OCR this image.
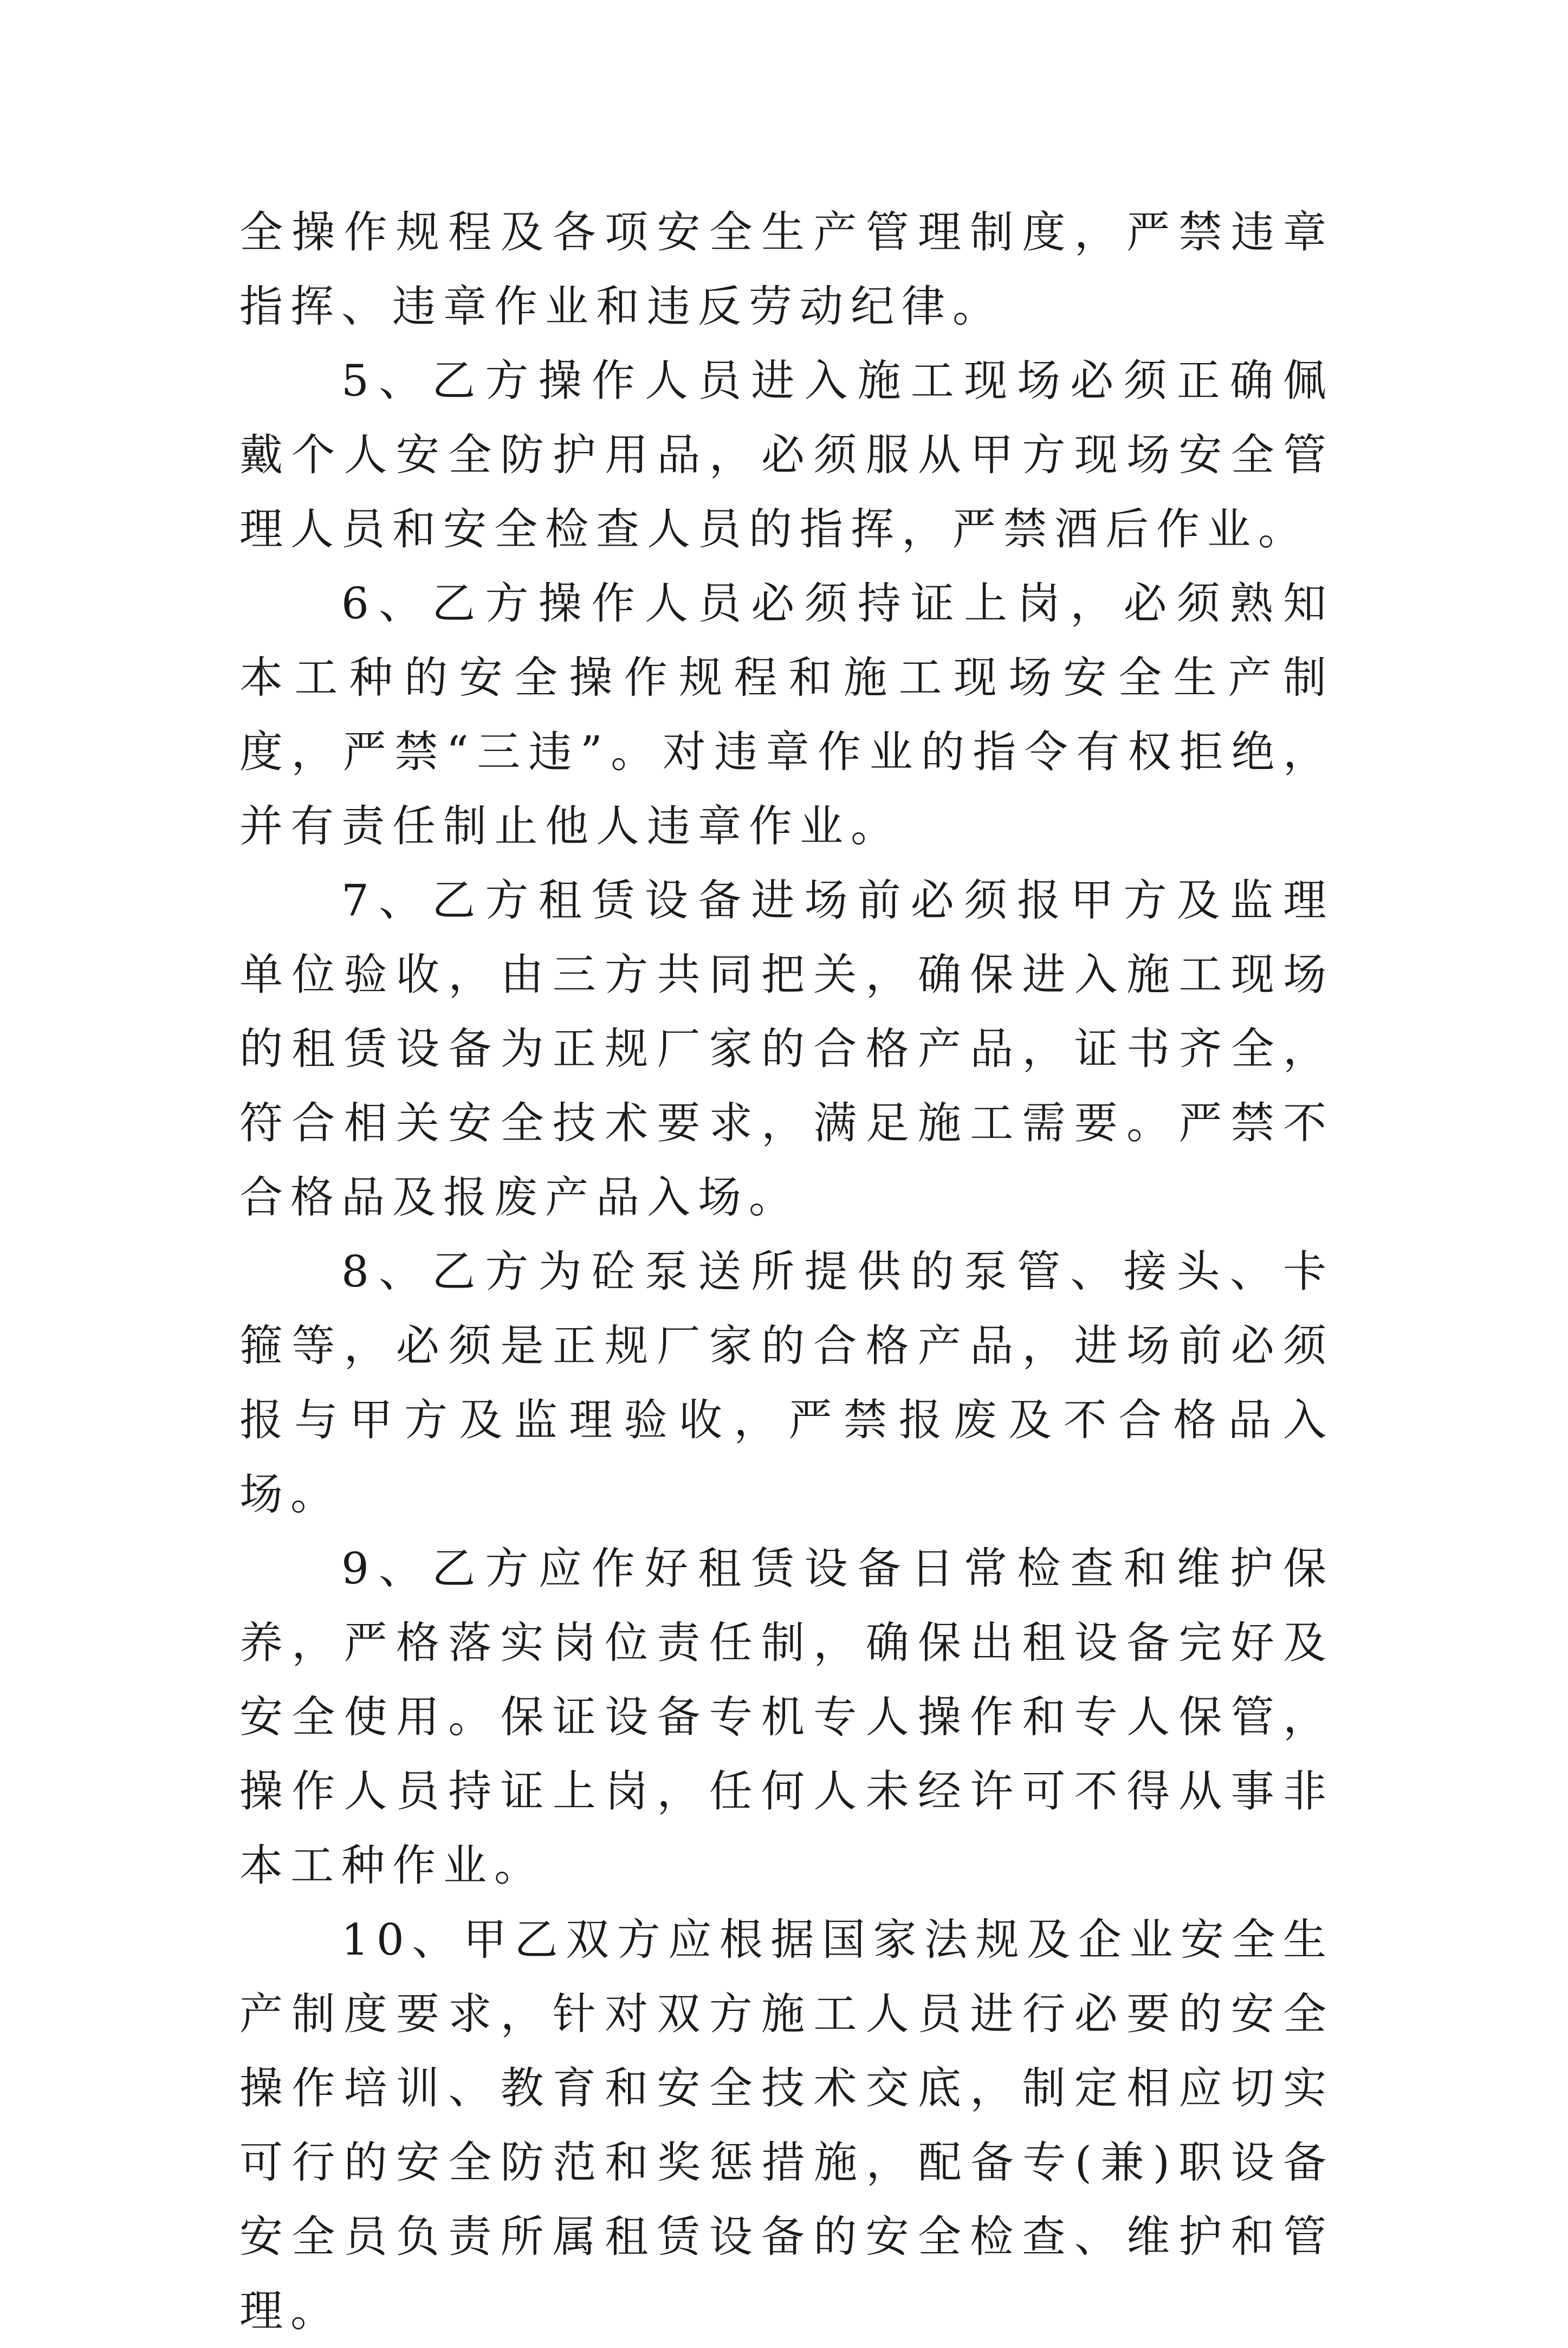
全操作规程及各项安全生产管理制度，严禁违章指挥、违章作业和违反劳动纪律。

5、乙方操作人员进入施工现场必须正确佩戴个人安全防护用品，必须服从甲方现场安全管理人员和安全检查人员的指挥，严禁酒后作业。

6、乙方操作人员必须持证上岗，必须熟知本工种的安全操作规程和施工现场安全生产制度，严禁“三违”。对违章作业的指令有权拒绝，并有责任制止他人违章作业。

7、乙方租赁设备进场前必须报甲方及监理单位验收，由三方共同把关，确保进入施工现场的租赁设备为正规厂家的合格产品，证书齐全，符合相关安全技术要求，满足施工需要。严禁不合格品及报废产品入场。

8、乙方为砼泵送所提供的泵管、接头、卡箍等，必须是正规厂家的合格产品，进场前必须报与甲方及监理验收，严禁报废及不合格品入场。

9、乙方应作好租赁设备日常检查和维护保养，严格落实岗位责任制，确保出租设备完好及安全使用。保证设备专机专人操作和专人保管，操作人员持证上岗，任何人未经许可不得从事非本工种作业。

10、甲乙双方应根据国家法规及企业安全生产制度要求，针对双方施工人员进行必要的安全操作培训、教育和安全技术交底，制定相应切实可行的安全防范和奖惩措施，配备专(兼)职设备安全员负责所属租赁设备的安全检查、维护和管理。
